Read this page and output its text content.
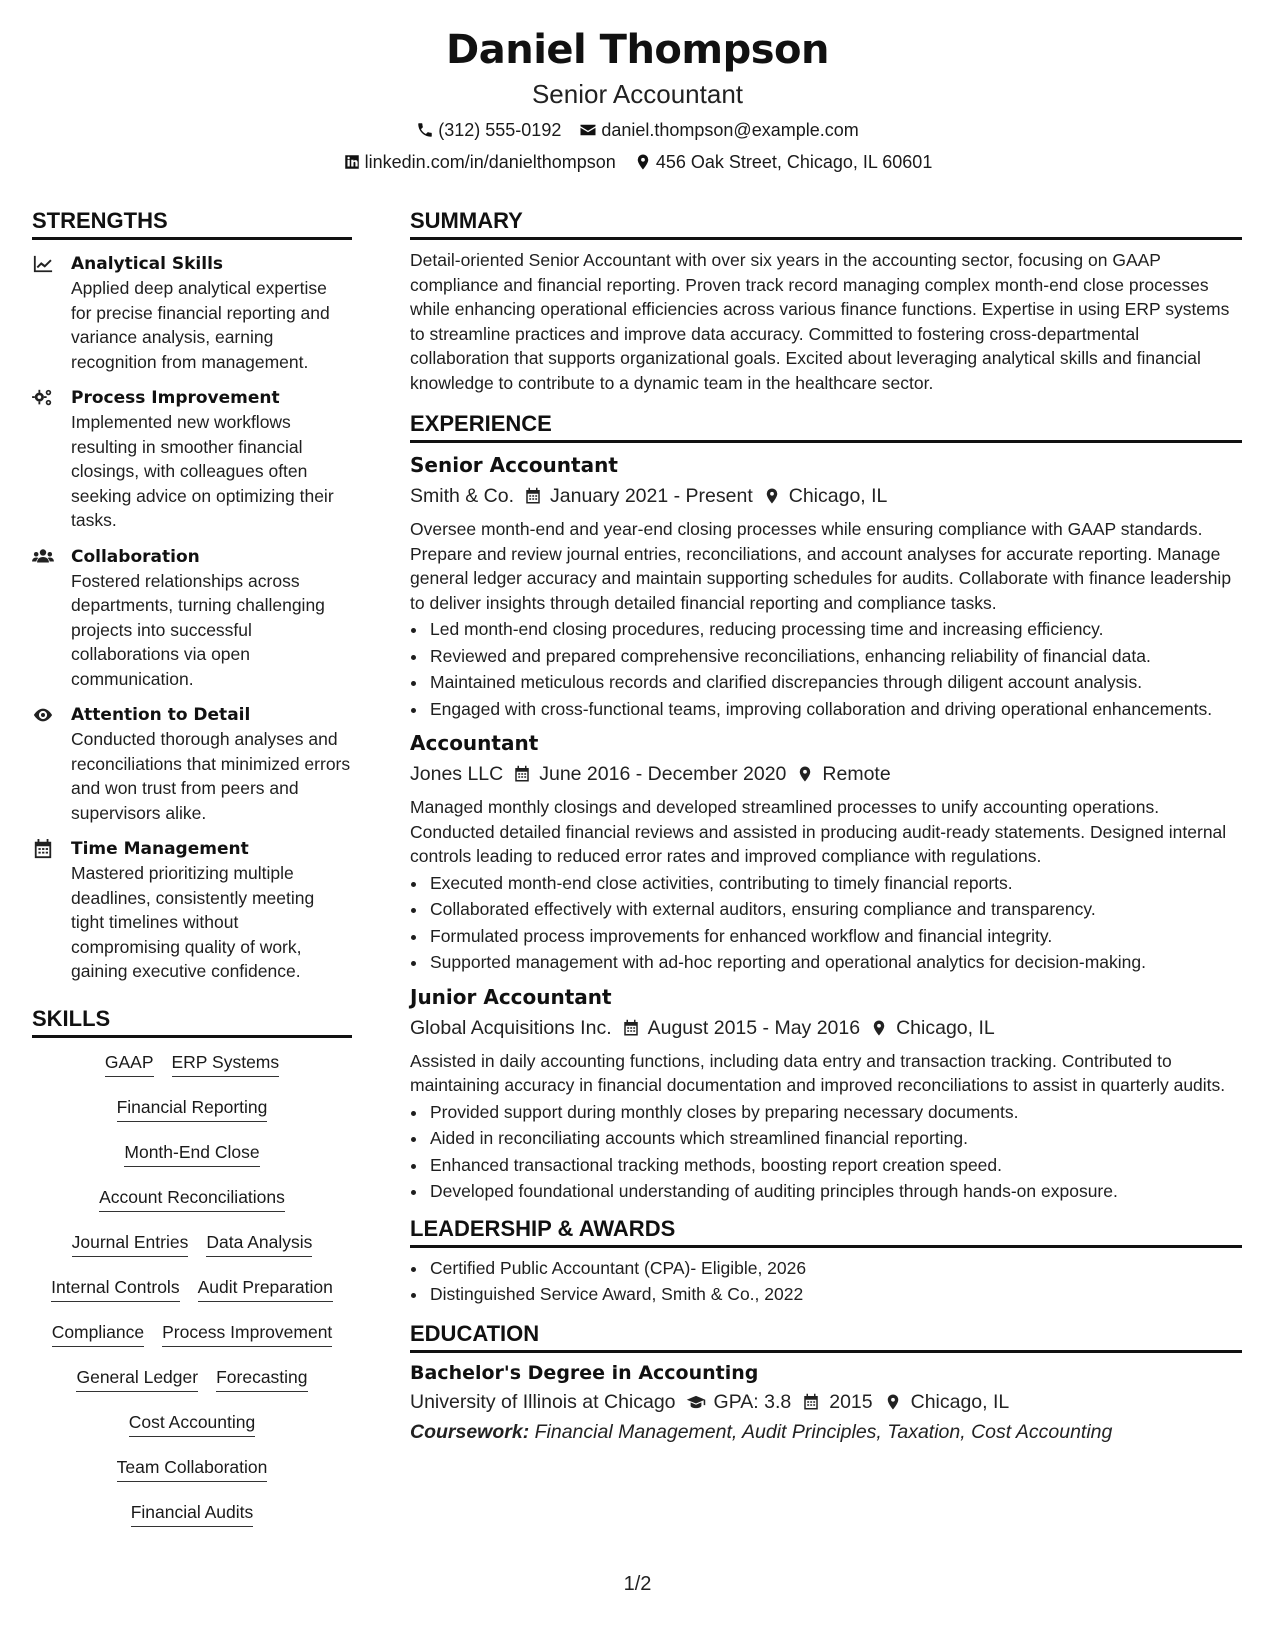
Daniel Thompson
Senior Accountant
(312) 555-0192 daniel.thompson@example.com
linkedin.com/in/danielthompson 456 Oak Street, Chicago, IL 60601
STRENGTHS
Analytical Skills
Applied deep analytical expertise for precise financial reporting and variance analysis, earning recognition from management.
Process Improvement
Implemented new workflows resulting in smoother financial closings, with colleagues often seeking advice on optimizing their tasks.
Collaboration
Fostered relationships across departments, turning challenging projects into successful collaborations via open communication.
Attention to Detail
Conducted thorough analyses and reconciliations that minimized errors and won trust from peers and supervisors alike.
Time Management
Mastered prioritizing multiple deadlines, consistently meeting tight timelines without compromising quality of work, gaining executive confidence.
SKILLS
GAAP ERP Systems
Financial Reporting
Month-End Close
Account Reconciliations
Journal Entries Data Analysis
Internal Controls Audit Preparation
Compliance Process Improvement
General Ledger Forecasting
Cost Accounting
Team Collaboration
Financial Audits
SUMMARY
Detail-oriented Senior Accountant with over six years in the accounting sector, focusing on GAAP compliance and financial reporting. Proven track record managing complex month-end close processes while enhancing operational efficiencies across various finance functions. Expertise in using ERP systems to streamline practices and improve data accuracy. Committed to fostering cross-departmental collaboration that supports organizational goals. Excited about leveraging analytical skills and financial knowledge to contribute to a dynamic team in the healthcare sector.
EXPERIENCE
Senior Accountant
Smith & Co. January 2021 - Present Chicago, IL
Oversee month-end and year-end closing processes while ensuring compliance with GAAP standards. Prepare and review journal entries, reconciliations, and account analyses for accurate reporting. Manage general ledger accuracy and maintain supporting schedules for audits. Collaborate with finance leadership to deliver insights through detailed financial reporting and compliance tasks.
• Led month-end closing procedures, reducing processing time and increasing efficiency.
• Reviewed and prepared comprehensive reconciliations, enhancing reliability of financial data.
• Maintained meticulous records and clarified discrepancies through diligent account analysis.
• Engaged with cross-functional teams, improving collaboration and driving operational enhancements.
Accountant
Jones LLC June 2016 - December 2020 Remote
Managed monthly closings and developed streamlined processes to unify accounting operations. Conducted detailed financial reviews and assisted in producing audit-ready statements. Designed internal controls leading to reduced error rates and improved compliance with regulations.
• Executed month-end close activities, contributing to timely financial reports.
• Collaborated effectively with external auditors, ensuring compliance and transparency.
• Formulated process improvements for enhanced workflow and financial integrity.
• Supported management with ad-hoc reporting and operational analytics for decision-making.
Junior Accountant
Global Acquisitions Inc. August 2015 - May 2016 Chicago, IL
Assisted in daily accounting functions, including data entry and transaction tracking. Contributed to maintaining accuracy in financial documentation and improved reconciliations to assist in quarterly audits.
• Provided support during monthly closes by preparing necessary documents.
• Aided in reconciliating accounts which streamlined financial reporting.
• Enhanced transactional tracking methods, boosting report creation speed.
• Developed foundational understanding of auditing principles through hands-on exposure.
LEADERSHIP & AWARDS
• Certified Public Accountant (CPA)- Eligible, 2026
• Distinguished Service Award, Smith & Co., 2022
EDUCATION
Bachelor's Degree in Accounting
University of Illinois at Chicago GPA: 3.8 2015 Chicago, IL
Coursework: Financial Management, Audit Principles, Taxation, Cost Accounting
1/2
